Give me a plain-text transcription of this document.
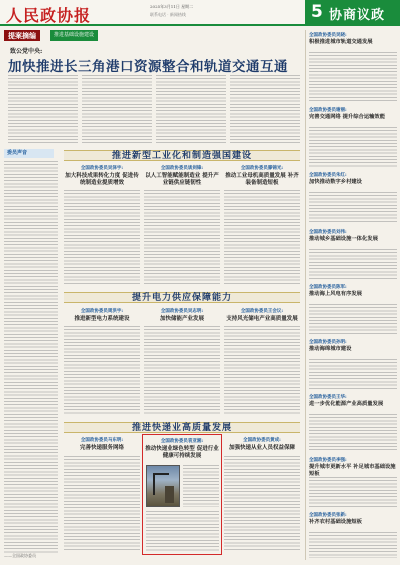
人民政协报	2025年3月11日 星期二
联系电话 · 新闻热线	5 协商议政
提案摘编	推进基础设施建设
致公党中央:
加快推进长三角港口资源整合和轨道交通互通
委员声音	推进新型工业化和制造强国建设
全国政协委员吴泽宇:
加大科技成果转化力度 促进传统制造业提质增效
全国政协委员谈剑锋:
以人工智能赋能制造业 提升产业链供应链韧性
全国政协委员滕锦光:
推动工业母机高质量发展 补齐装备制造短板
提升电力供应保障能力
全国政协委员周洪宇:
推进新型电力系统建设
全国政协委员吴志明:
加快储能产业发展
全国政协委员王会议:
支持风光储电产业高质量发展
推进快递业高质量发展
全国政协委员马东明:
完善快递服务网络
全国政协委员袁亚湘:
推动快递业绿色转型 促进行业健康可持续发展
全国政协委员黄成:
加强快递从业人员权益保障
——全国政协委员
全国政协委员吴晓:
积极推进城市轨道交通发展
全国政协委员谢丽:
完善交通网络 提升综合运输效能
全国政协委员朱红:
加快推动数字乡村建设
全国政协委员刘伟:
推动城乡基础设施一体化发展
全国政协委员陈军:
推动海上风电有序发展
全国政协委员孙明:
推动海绵城市建设
全国政协委员王华:
进一步优化能源产业高质量发展
全国政协委员李强:
提升城市更新水平 补足城市基础设施短板
全国政协委员张新:
补齐农村基础设施短板
